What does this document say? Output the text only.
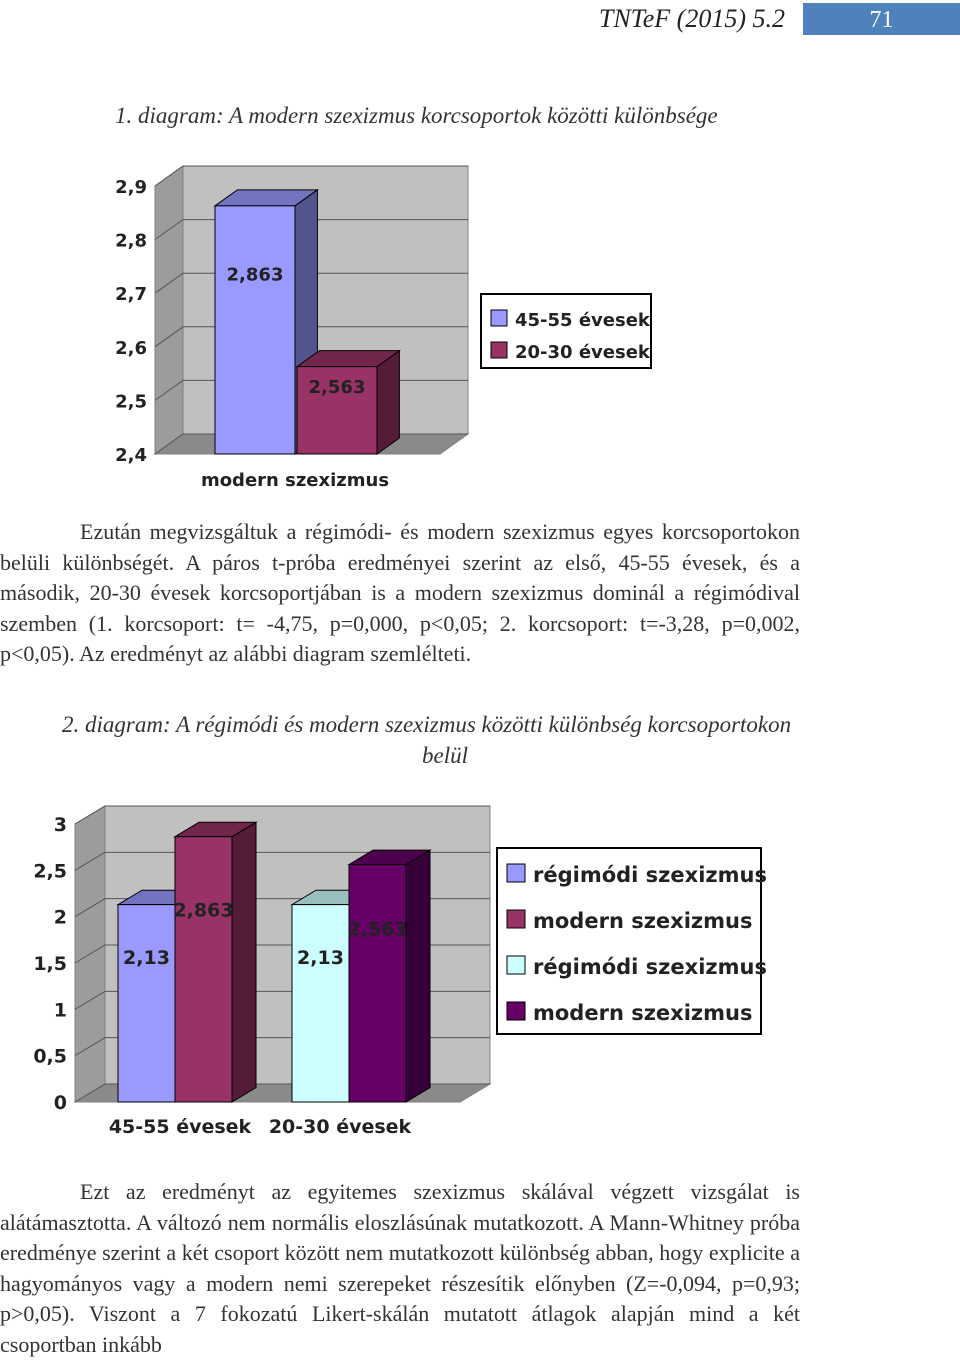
TNTeF (2015) 5.2	71
1. diagram: A modern szexizmus korcsoportok közötti különbsége
2,4
2,5
2,6
2,7
2,8
2,9
2,863
2,563
modern szexizmus
45-55 évesek
20-30 évesek

Ezután megvizsgáltuk a régimódi- és modern szexizmus egyes korcsoportokon belüli különbségét. A páros t-próba eredményei szerint az első, 45-55 évesek, és a második, 20-30 évesek korcsoportjában is a modern szexizmus dominál a régimódival szemben (1. korcsoport: t= -4,75, p=0,000, p<0,05; 2. korcsoport: t=-3,28, p=0,002, p<0,05). Az eredményt az alábbi diagram szemlélteti.

2. diagram: A régimódi és modern szexizmus közötti különbség korcsoportokon
belül
0
0,5
1
1,5
2
2,5
3
2,13
2,863
2,13
2,563
45-55 évesek 20-30 évesek
régimódi szexizmus
modern szexizmus
régimódi szexizmus
modern szexizmus

Ezt az eredményt az egyitemes szexizmus skálával végzett vizsgálat is alátámasztotta. A változó nem normális eloszlásúnak mutatkozott. A Mann-Whitney próba eredménye szerint a két csoport között nem mutatkozott különbség abban, hogy explicite a hagyományos vagy a modern nemi szerepeket részesítik előnyben (Z=-0,094, p=0,93; p>0,05). Viszont a 7 fokozatú Likert-skálán mutatott átlagok alapján mind a két csoportban inkább
